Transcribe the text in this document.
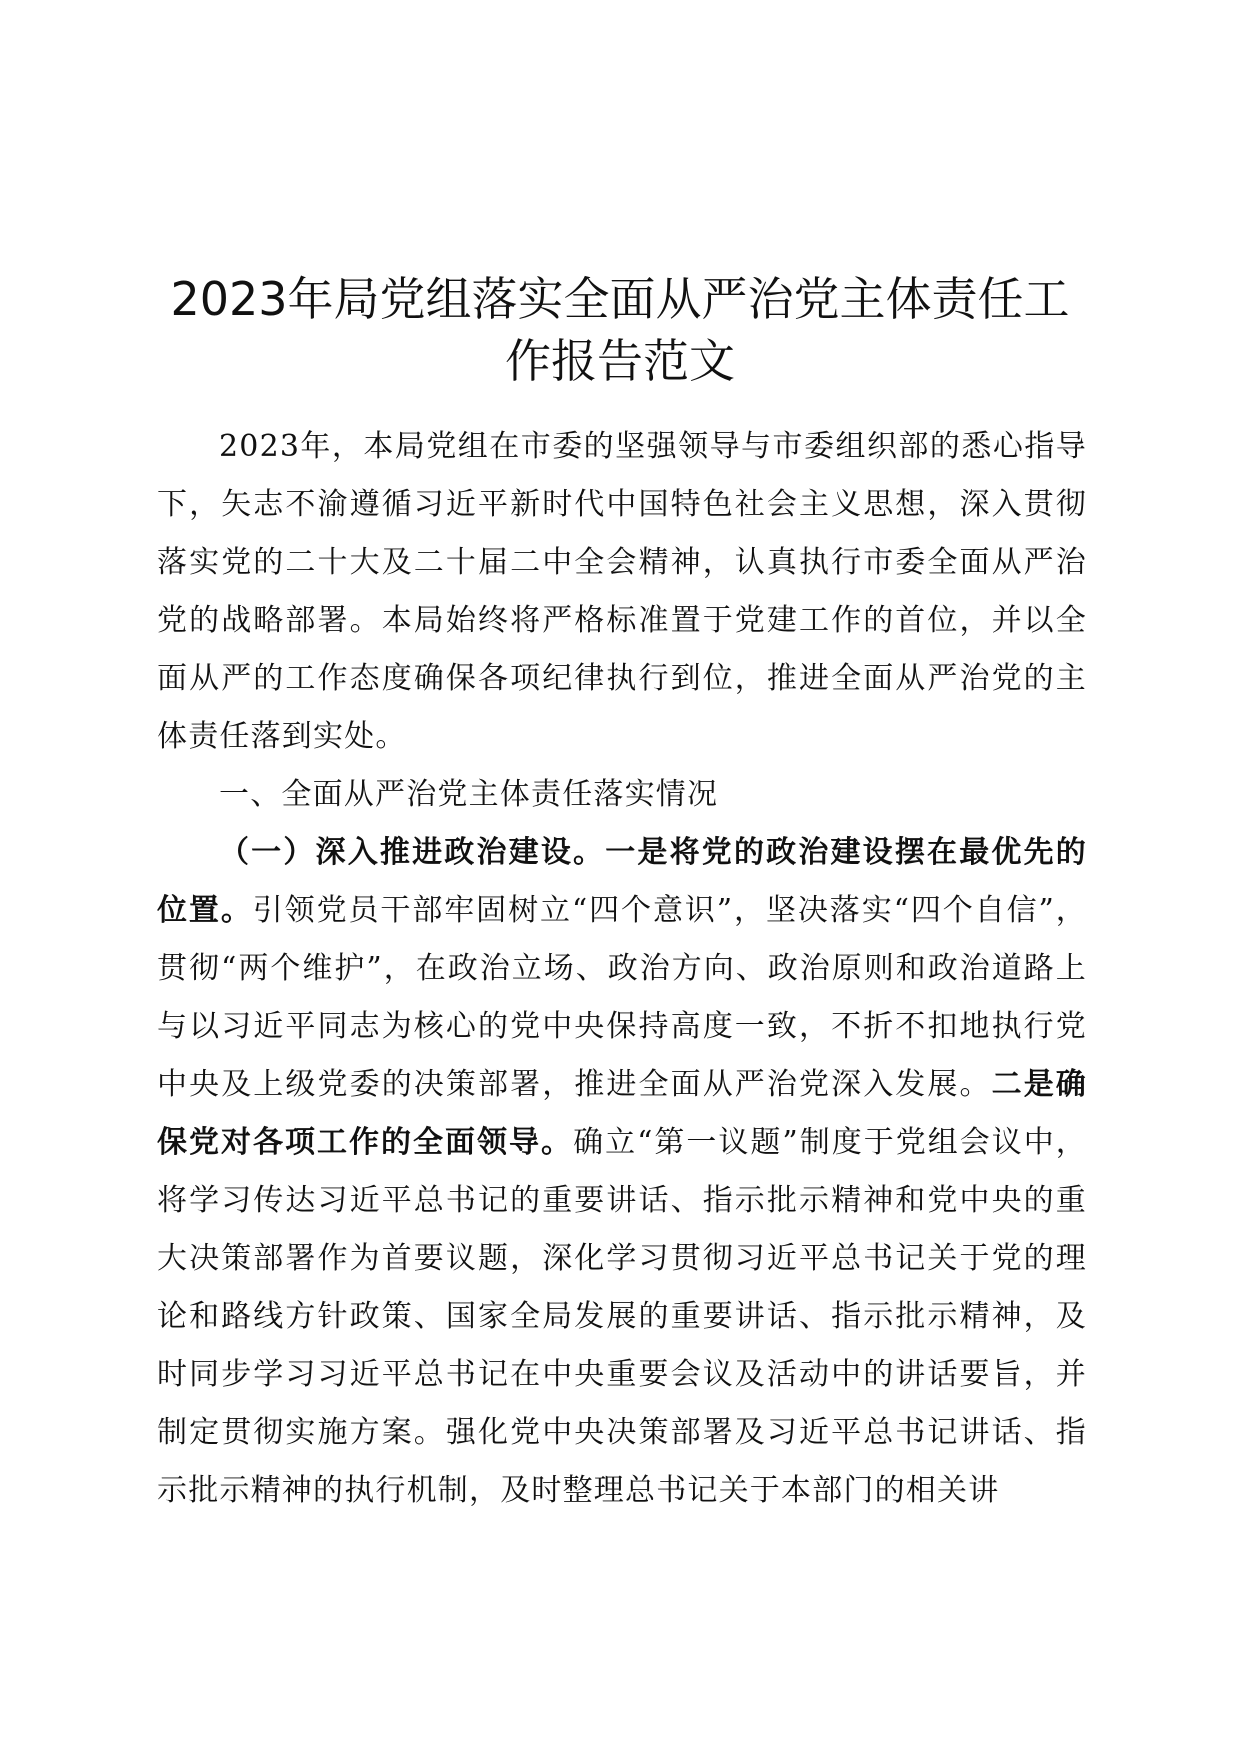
2023年局党组落实全面从严治党主体责任工作报告范文

2023年，本局党组在市委的坚强领导与市委组织部的悉心指导下，矢志不渝遵循习近平新时代中国特色社会主义思想，深入贯彻落实党的二十大及二十届二中全会精神，认真执行市委全面从严治党的战略部署。本局始终将严格标准置于党建工作的首位，并以全面从严的工作态度确保各项纪律执行到位，推进全面从严治党的主体责任落到实处。

一、全面从严治党主体责任落实情况

（一）深入推进政治建设。一是将党的政治建设摆在最优先的位置。引领党员干部牢固树立“四个意识”，坚决落实“四个自信”，贯彻“两个维护”，在政治立场、政治方向、政治原则和政治道路上与以习近平同志为核心的党中央保持高度一致，不折不扣地执行党中央及上级党委的决策部署，推进全面从严治党深入发展。二是确保党对各项工作的全面领导。确立“第一议题”制度于党组会议中，将学习传达习近平总书记的重要讲话、指示批示精神和党中央的重大决策部署作为首要议题，深化学习贯彻习近平总书记关于党的理论和路线方针政策、国家全局发展的重要讲话、指示批示精神，及时同步学习习近平总书记在中央重要会议及活动中的讲话要旨，并制定贯彻实施方案。强化党中央决策部署及习近平总书记讲话、指示批示精神的执行机制，及时整理总书记关于本部门的相关讲
